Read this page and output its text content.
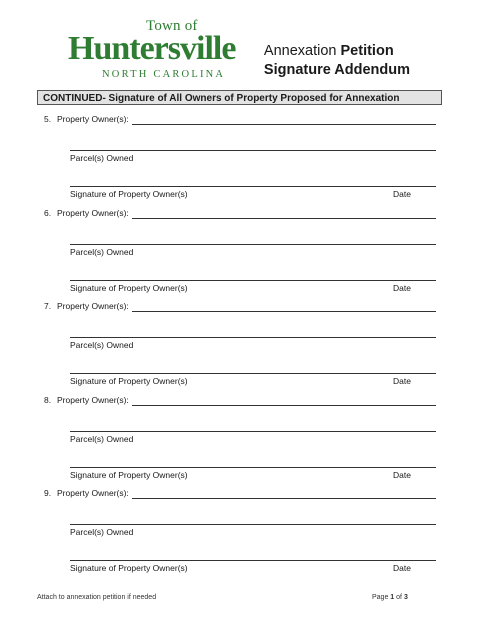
Town of
Huntersville
NORTH CAROLINA
Annexation Petition
Signature Addendum
CONTINUED- Signature of All Owners of Property Proposed for Annexation
5. Property Owner(s):
Parcel(s) Owned
Signature of Property Owner(s)	Date
6. Property Owner(s):
Parcel(s) Owned
Signature of Property Owner(s)	Date
7. Property Owner(s):
Parcel(s) Owned
Signature of Property Owner(s)	Date
8. Property Owner(s):
Parcel(s) Owned
Signature of Property Owner(s)	Date
9. Property Owner(s):
Parcel(s) Owned
Signature of Property Owner(s)	Date
Attach to annexation petition if needed	Page 1 of 3
